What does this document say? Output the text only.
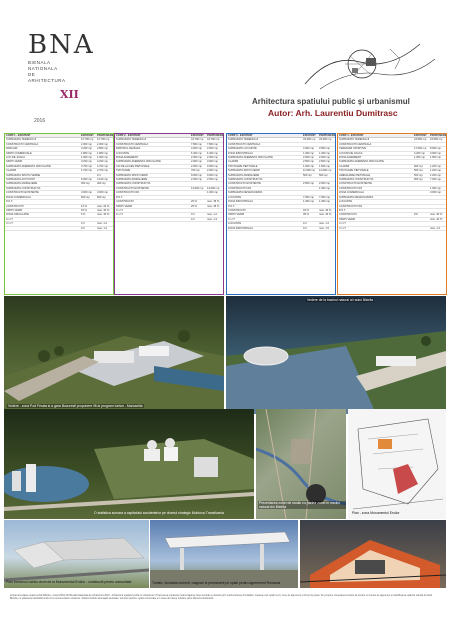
BNA
BIENALA
NATIONALA
DE
ARHITECTURA
XII
2016
Arhitectura spatiului public și urbanismul
Autor: Arh. Laurentiu Dumitrasc
CORP 1 - EXISTENT	EXISTENT	PROPUNERE
SUPRAFATA TERENULUI	12.700 mp	12.700 mp
CONSTRUCTII CENTRALA	2.300 mp	2.300 mp
PARCARI	3.200 mp	2.800 mp
SPATII COMERCIALE	1.800 mp	1.800 mp
LOC DE JOACA	1.000 mp	1.000 mp
SPATII VERZI	3.200 mp	4.200 mp
SUPRAFATA AFERENTA CIRCULATIE	3.700 mp	4.700 mp
CLADIRI	1.700 mp	2.700 mp
SUPRAFATA SPATIU VERDE	0.4
SUPRAFATA ACTIVITATI	6.000 mp	4.100 mp
SUPRAFATA ANIMALIERE	300 mp	400 mp
SUPRAFATA CONSTRUCTIA
CONSTRUCTII EXISTENTE	3.000 mp	3.000 mp
ZONA COMERCIALA	600 mp	600 mp
P.O.T.
CONSTRUCTII	13 %	max. 20 %
SPATII VERZI	15 %	max. 30 %
ZONA CIRCULATIE	6 %	max. 40 %
C.U.T.
C.U.T.	0.4	max. 1.2
0.3	max. 1.2
CORP 2 - EXISTENT	EXISTENT	PROPUNERE
SUPRAFATA TERENULUI	44.700 mp	44.700 mp
CONSTRUCTII CENTRALA	7.800 mp	7.800 mp
PARTIDUL DE BAZA	4.600 mp	4.500 mp
LOCUINTE	6.400 mp	6.400 mp
ZONA AGREMENT	2.000 mp	2.000 mp
SUPRAFATA AFERENTA CIRCULATIE	2.000 mp	3.000 mp
CAI DE ACCES PIETONALE	2.000 mp	3.000 mp
TROTUARE	700 mp	2.000 mp
SUPRAFATA SPATII VERZI	9.000 mp	9.000 mp
SUPRAFATA ANIMALIERE	2.000 mp	2.500 mp
SUPRAFATA CONSTRUCTIA
CONSTRUCTII EXISTENTE	14.000 mp	14.000 mp
CONSTRUCTII NOI	1.000 mp
P.O.T.
CONSTRUCTII	20 %	max. 35 %
SPATII VERZI	25 %	max. 45 %
C.U.T.
C.U.T.	0.4	max. 1.2
0.3	max. 1.3
CORP 3 - EXISTENT	EXISTENT	PROPUNERE
SUPRAFATA TERENULUI	33.300 mp	33.300 mp
CONSTRUCTII CENTRALA
SUPRAFATA LOCUINTE	4.000 mp	3.500 mp
ZONA INDUSTRIALA	1.300 mp	1.300 mp
SUPRAFATA AFERENTA CIRCULATIE	2.000 mp	2.000 mp
CLADIRI	2.500 mp	2.500 mp
TROTUARE PIETONALE	1.000 mp	1.500 mp
SUPRAFATA SPATII VERZI	11.500 mp	12.000 mp
SUPRAFATA ANIMALIERE	500 mp	500 mp
SUPRAFATA CONSTRUCTIA
CONSTRUCTII EXISTENTE	2.500 mp	2.000 mp
CONSTRUCTII NOI	1.000 mp
SUPRAFATA DESFASURATA
LOCUINTE	7.000 mp	7.000 mp
ZONA INDUSTRIALA	1.300 mp	1.300 mp
P.O.T.
CONSTRUCTII	18 %	max. 30 %
SPATII VERZI	35 %	max. 40 %
C.U.T.
LOCUINTE	0.4	max. 1.2
ZONA INDUSTRIALA	0.3	max. 1.5
CORP 4 - EXISTENT	EXISTENT	PROPUNERE
SUPRAFATA TERENULUI	24.500 mp	24.500 mp
CONSTRUCTII CENTRALA
TERENURI SPORTIVE	17.000 mp	8.000 mp
LOCURI DE JOACA	4.200 mp	3.000 mp
ZONA AGREMENT	1.000 mp	1.500 mp
SUPRAFATA AFERENTA CIRCULATIE
CLADIRI	600 mp	1.200 mp
TROTUARE PIETONALE	500 mp	1.200 mp
AMENAJARE PIETONALE	500 mp	1.200 mp
SUPRAFATA CONSTRUCTIA	900 mp	7.000 mp
CONSTRUCTII EXISTENTE
CONSTRUCTII NOI	1.000 mp
ZONA COMERCIALA	3.000 mp
SUPRAFATA DESFASURATA
LOCUINTE
CONSTRUCTII NOI
P.O.T.
CONSTRUCTII	2%	max. 30 %
SPATII VERZI	max. 40 %
C.U.T.
C.U.T.	max. 1.2
Vedere - zona Pod Ferata si a gara Bucuresti propunere lift ai program turism - Marcantila
Vedere de la bazinul natural al raului Bistrita
O statistica sumara a capitalului accidentelor pe drumul strategic Moldova-Transilvania
Prezentarea zonei de studiu cu partea zonei in mediul natural din Bistrita
Plan - zona Monumentul Eroilor
Plan tronsonul mediu drum de la Monumentul Eroilor - constructii pentru comunitate	Turistic, ticniciala comerti, magnari si permanent pe spatii pentru agreement Romania
Actual amenajare spatiu public Bistrita - proiect BNA XII Bienala Nationala de Arhitectura 2016 - Arhitectura spatiului public si urbanismul. Propunerea urmareste reamenajarea zonei centrale a orasului prin restructurarea circulatiilor, crearea unor spatii verzi, zone de agrement si locuri de joaca. Se propune conectarea zonelor de locuire cu zonele de agrement si valorificarea cadrului natural al raului Bistrita, cu pastrarea identitatii locului si a monumentelor existente. Solutia include amenajari pietonale, terenuri sportive, spatii comerciale si o retea de trasee turistice catre Monumentul Eroilor.
